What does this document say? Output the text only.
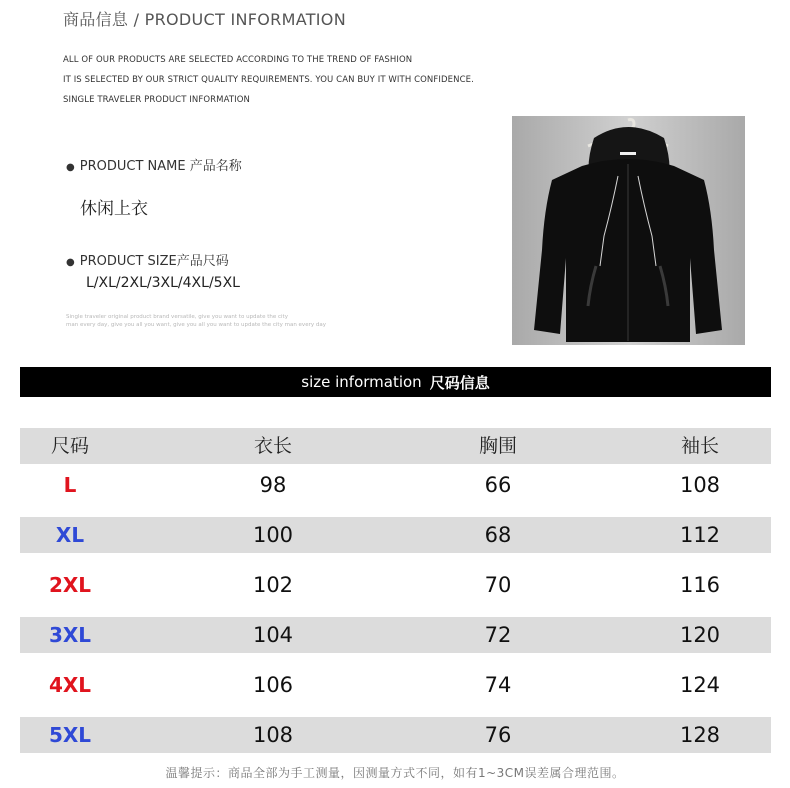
商品信息 / PRODUCT INFORMATION
ALL OF OUR PRODUCTS ARE SELECTED ACCORDING TO THE TREND OF FASHION
IT IS SELECTED BY OUR STRICT QUALITY REQUIREMENTS. YOU CAN BUY IT WITH CONFIDENCE.
SINGLE TRAVELER PRODUCT INFORMATION
● PRODUCT NAME 产品名称
休闲上衣
● PRODUCT SIZE产品尺码
L/XL/2XL/3XL/4XL/5XL
Single traveler original product brand versatile, give you want to update the city
man every day, give you all you want, give you all you want to update the city man every day
size information 尺码信息
尺码	衣长	胸围	袖长
L	98	66	108
XL	100	68	112
2XL	102	70	116
3XL	104	72	120
4XL	106	74	124
5XL	108	76	128
温馨提示：商品全部为手工测量，因测量方式不同，如有1~3CM误差属合理范围。
